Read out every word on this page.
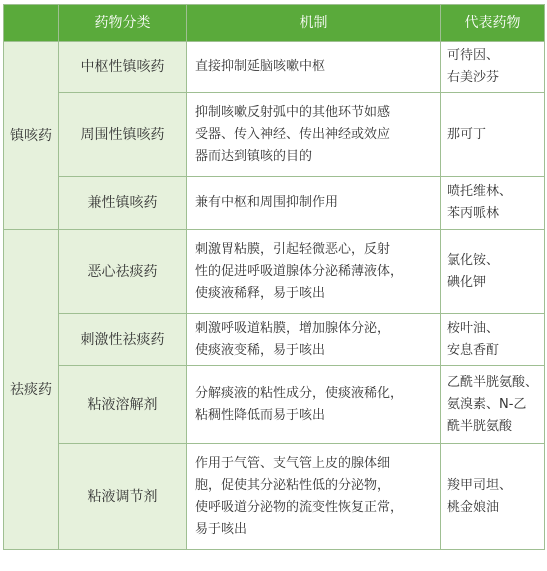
	药物分类	机制	代表药物
镇咳药	中枢性镇咳药	直接抑制延脑咳嗽中枢	可待因、
右美沙芬

	周围性镇咳药	抑制咳嗽反射弧中的其他环节如感
受器、传入神经、传出神经或效应
器而达到镇咳的目的	那可丁

	兼性镇咳药	兼有中枢和周围抑制作用	喷托维林、
苯丙哌林

祛痰药	恶心祛痰药	刺激胃粘膜，引起轻微恶心，反射
性的促进呼吸道腺体分泌稀薄液体，
使痰液稀释，易于咳出	氯化铵、
碘化钾

	刺激性祛痰药	刺激呼吸道粘膜，增加腺体分泌，
使痰液变稀，易于咳出	桉叶油、
安息香酊

	粘液溶解剂	分解痰液的粘性成分，使痰液稀化，
粘稠性降低而易于咳出	乙酰半胱氨酸、
氨溴素、N-乙
酰半胱氨酸

	粘液调节剂	作用于气管、支气管上皮的腺体细
胞，促使其分泌粘性低的分泌物，
使呼吸道分泌物的流变性恢复正常，
易于咳出	羧甲司坦、
桃金娘油
